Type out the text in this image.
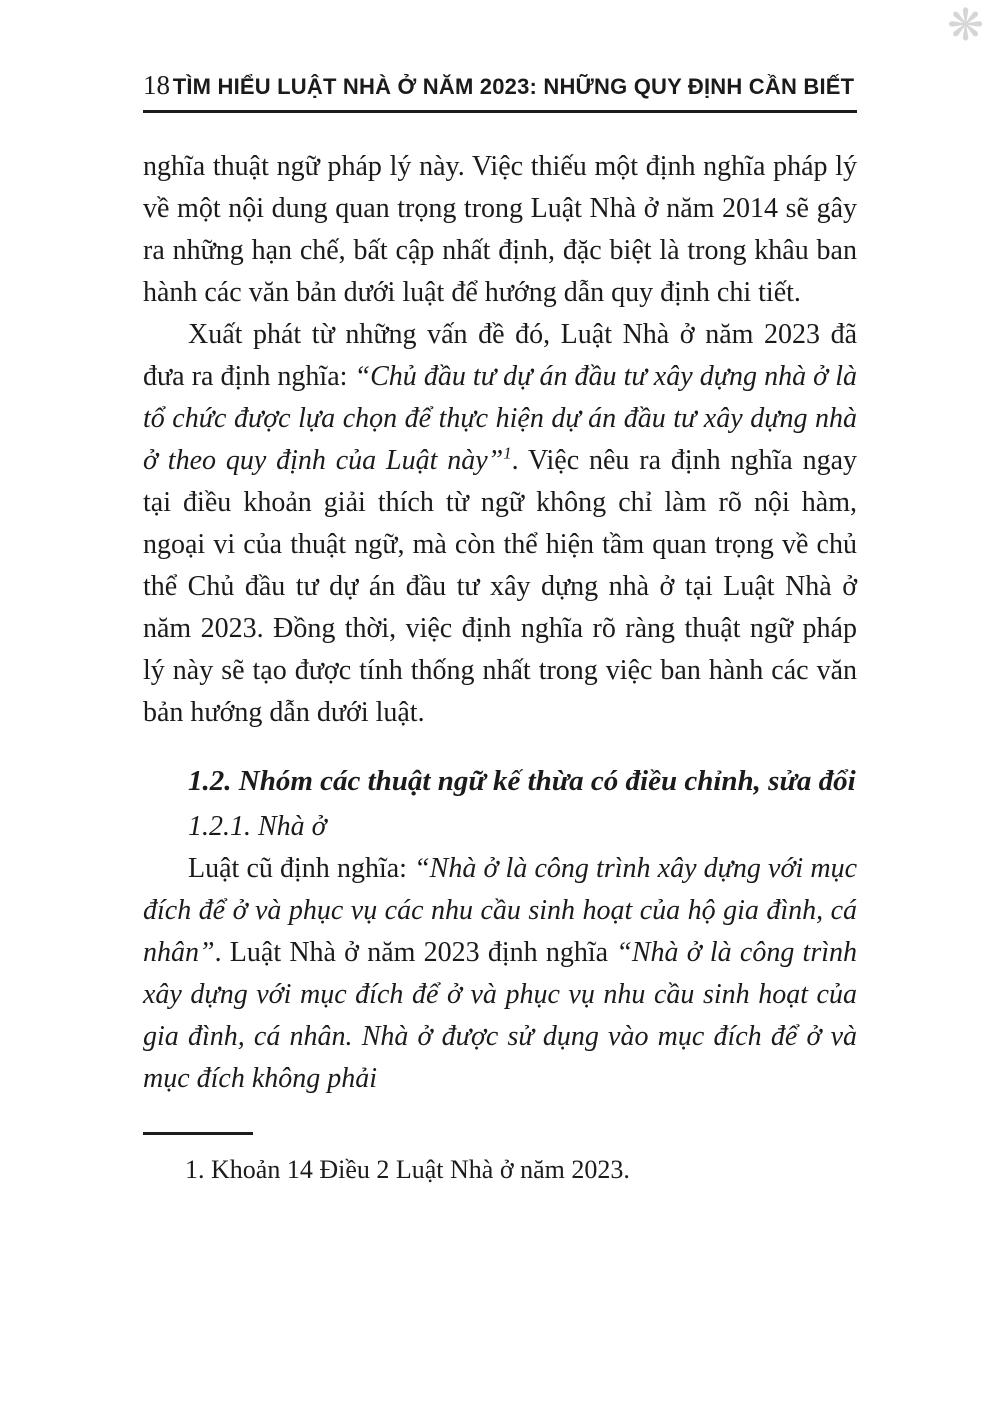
❋
18 TÌM HIỂU LUẬT NHÀ Ở NĂM 2023: NHỮNG QUY ĐỊNH CẦN BIẾT

nghĩa thuật ngữ pháp lý này. Việc thiếu một định nghĩa pháp lý về một nội dung quan trọng trong Luật Nhà ở năm 2014 sẽ gây ra những hạn chế, bất cập nhất định, đặc biệt là trong khâu ban hành các văn bản dưới luật để hướng dẫn quy định chi tiết.

Xuất phát từ những vấn đề đó, Luật Nhà ở năm 2023 đã đưa ra định nghĩa: “Chủ đầu tư dự án đầu tư xây dựng nhà ở là tổ chức được lựa chọn để thực hiện dự án đầu tư xây dựng nhà ở theo quy định của Luật này”$^1$. Việc nêu ra định nghĩa ngay tại điều khoản giải thích từ ngữ không chỉ làm rõ nội hàm, ngoại vi của thuật ngữ, mà còn thể hiện tầm quan trọng về chủ thể Chủ đầu tư dự án đầu tư xây dựng nhà ở tại Luật Nhà ở năm 2023. Đồng thời, việc định nghĩa rõ ràng thuật ngữ pháp lý này sẽ tạo được tính thống nhất trong việc ban hành các văn bản hướng dẫn dưới luật.

1.2. Nhóm các thuật ngữ kế thừa có điều chỉnh, sửa đổi

1.2.1. Nhà ở

Luật cũ định nghĩa: “Nhà ở là công trình xây dựng với mục đích để ở và phục vụ các nhu cầu sinh hoạt của hộ gia đình, cá nhân”. Luật Nhà ở năm 2023 định nghĩa “Nhà ở là công trình xây dựng với mục đích để ở và phục vụ nhu cầu sinh hoạt của gia đình, cá nhân. Nhà ở được sử dụng vào mục đích để ở và mục đích không phải

1. Khoản 14 Điều 2 Luật Nhà ở năm 2023.
